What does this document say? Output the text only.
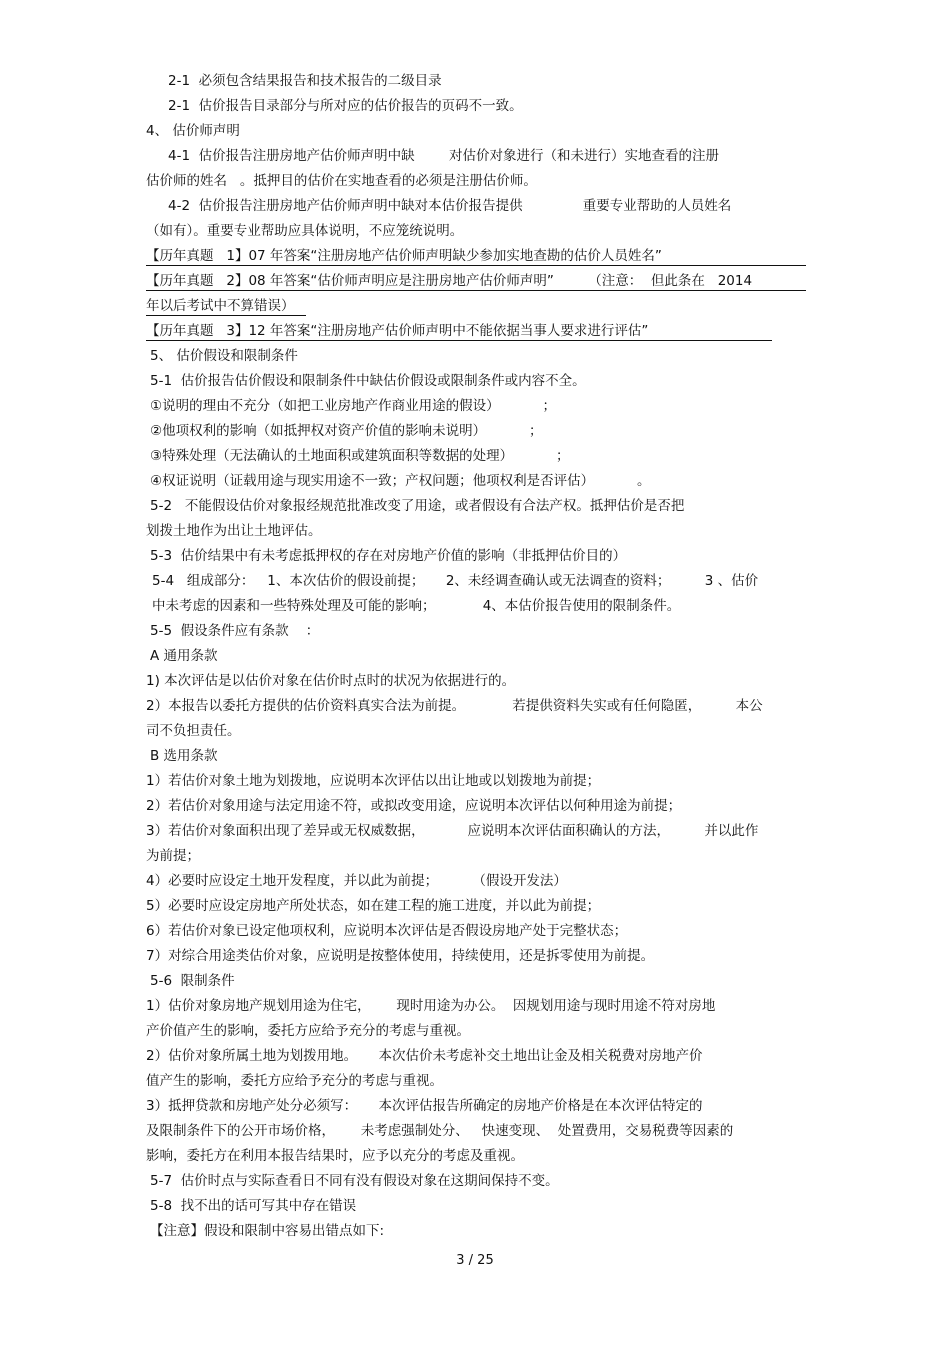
2-1  必须包含结果报告和技术报告的二级目录
2-1  估价报告目录部分与所对应的估价报告的页码不一致。
4、 估价师声明
4-1  估价报告注册房地产估价师声明中缺        对估价对象进行（和未进行）实地查看的注册
估价师的姓名   。抵押目的估价在实地查看的必须是注册估价师。
4-2  估价报告注册房地产估价师声明中缺对本估价报告提供              重要专业帮助的人员姓名
（如有）。重要专业帮助应具体说明，不应笼统说明。
【历年真题   1】07 年答案“注册房地产估价师声明缺少参加实地查勘的估价人员姓名”
【历年真题   2】08 年答案“估价师声明应是注册房地产估价师声明”        （注意：  但此条在   2014
年以后考试中不算错误）
【历年真题   3】12 年答案“注册房地产估价师声明中不能依据当事人要求进行评估”
5、 估价假设和限制条件
5-1  估价报告估价假设和限制条件中缺估价假设或限制条件或内容不全。
①说明的理由不充分（如把工业房地产作商业用途的假设）          ；
②他项权利的影响（如抵押权对资产价值的影响未说明）          ；
③特殊处理（无法确认的土地面积或建筑面积等数据的处理）          ；
④权证说明（证载用途与现实用途不一致；产权问题；他项权利是否评估）          。
5-2   不能假设估价对象报经规范批准改变了用途，或者假设有合法产权。抵押估价是否把
划拨土地作为出让土地评估。
5-3  估价结果中有未考虑抵押权的存在对房地产价值的影响（非抵押估价目的）
5-4   组成部分：   1、本次估价的假设前提；     2、未经调查确认或无法调查的资料；        3 、估价
中未考虑的因素和一些特殊处理及可能的影响；           4、本估价报告使用的限制条件。
5-5  假设条件应有条款    ：
A 通用条款
1) 本次评估是以估价对象在估价时点时的状况为依据进行的。
2）本报告以委托方提供的估价资料真实合法为前提。           若提供资料失实或有任何隐匿，        本公
司不负担责任。
B 选用条款
1）若估价对象土地为划拨地，应说明本次评估以出让地或以划拨地为前提；
2）若估价对象用途与法定用途不符，或拟改变用途，应说明本次评估以何种用途为前提；
3）若估价对象面积出现了差异或无权威数据，          应说明本次评估面积确认的方法，        并以此作
为前提；
4）必要时应设定土地开发程度，并以此为前提；        （假设开发法）
5）必要时应设定房地产所处状态，如在建工程的施工进度，并以此为前提；
6）若估价对象已设定他项权利，应说明本次评估是否假设房地产处于完整状态；
7）对综合用途类估价对象，应说明是按整体使用，持续使用，还是拆零使用为前提。
5-6  限制条件
1）估价对象房地产规划用途为住宅，      现时用途为办公。  因规划用途与现时用途不符对房地
产价值产生的影响，委托方应给予充分的考虑与重视。
2）估价对象所属土地为划拨用地。     本次估价未考虑补交土地出让金及相关税费对房地产价
值产生的影响，委托方应给予充分的考虑与重视。
3）抵押贷款和房地产处分必须写：     本次评估报告所确定的房地产价格是在本次评估特定的
及限制条件下的公开市场价格，      未考虑强制处分、   快速变现、  处置费用，交易税费等因素的
影响，委托方在利用本报告结果时，应予以充分的考虑及重视。
5-7  估价时点与实际查看日不同有没有假设对象在这期间保持不变。
5-8  找不出的话可写其中存在错误
【注意】假设和限制中容易出错点如下:
3 / 25
